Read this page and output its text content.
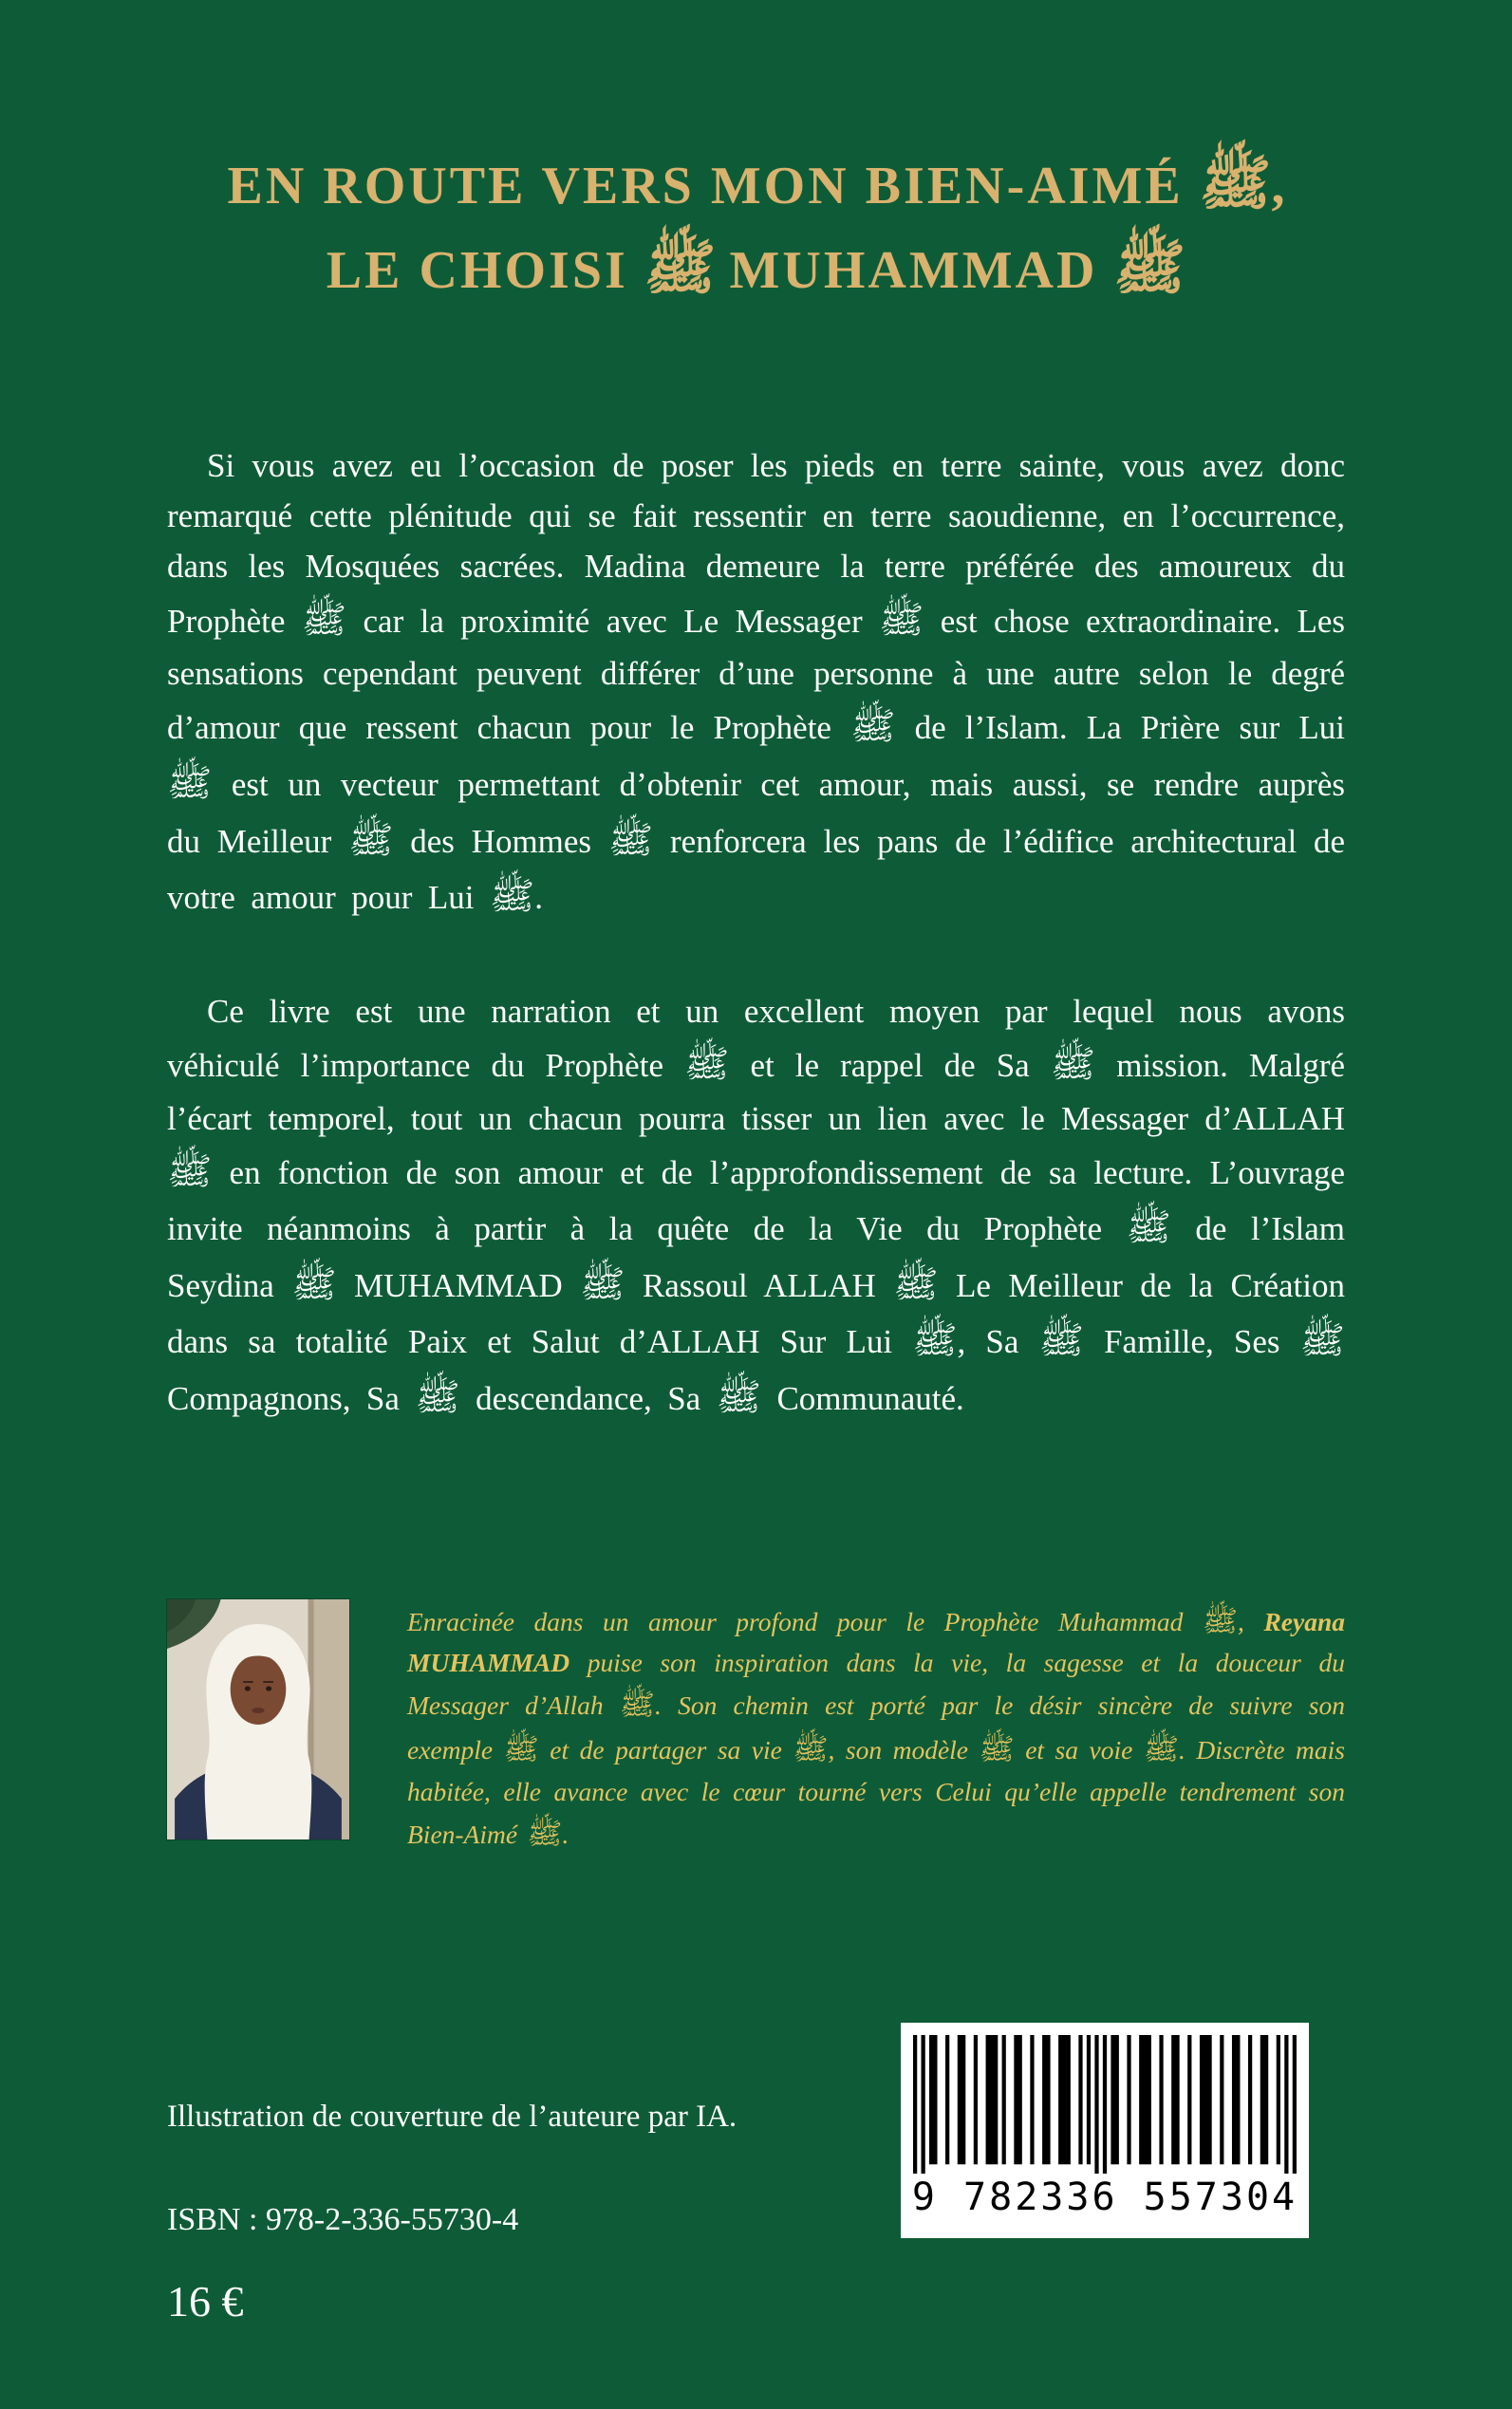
EN ROUTE VERS MON BIEN-AIMÉ ﷺ,
LE CHOISI ﷺ MUHAMMAD ﷺ

Si vous avez eu l’occasion de poser les pieds en terre sainte, vous avez donc remarqué cette plénitude qui se fait ressentir en terre saoudienne, en l’occurrence, dans les Mosquées sacrées. Madina demeure la terre préférée des amoureux du Prophète ﷺ car la proximité avec Le Messager ﷺ est chose extraordinaire. Les sensations cependant peuvent différer d’une personne à une autre selon le degré d’amour que ressent chacun pour le Prophète ﷺ de l’Islam. La Prière sur Lui ﷺ est un vecteur permettant d’obtenir cet amour, mais aussi, se rendre auprès du Meilleur ﷺ des Hommes ﷺ renforcera les pans de l’édifice architectural de votre amour pour Lui ﷺ.

Ce livre est une narration et un excellent moyen par lequel nous avons véhiculé l’importance du Prophète ﷺ et le rappel de Sa ﷺ mission. Malgré l’écart temporel, tout un chacun pourra tisser un lien avec le Messager d’ALLAH ﷺ en fonction de son amour et de l’approfondissement de sa lecture. L’ouvrage invite néanmoins à partir à la quête de la Vie du Prophète ﷺ de l’Islam Seydina ﷺ MUHAMMAD ﷺ Rassoul ALLAH ﷺ Le Meilleur de la Création dans sa totalité Paix et Salut d’ALLAH Sur Lui ﷺ, Sa ﷺ Famille, Ses ﷺ Compagnons, Sa ﷺ descendance, Sa ﷺ Communauté.

Enracinée dans un amour profond pour le Prophète Muhammad ﷺ, Reyana MUHAMMAD puise son inspiration dans la vie, la sagesse et la douceur du Messager d’Allah ﷺ. Son chemin est porté par le désir sincère de suivre son exemple ﷺ et de partager sa vie ﷺ, son modèle ﷺ et sa voie ﷺ. Discrète mais habitée, elle avance avec le cœur tourné vers Celui qu’elle appelle tendrement son Bien-Aimé ﷺ.

Illustration de couverture de l’auteure par IA.
ISBN : 978-2-336-55730-4
16 €
9 782336 557304
